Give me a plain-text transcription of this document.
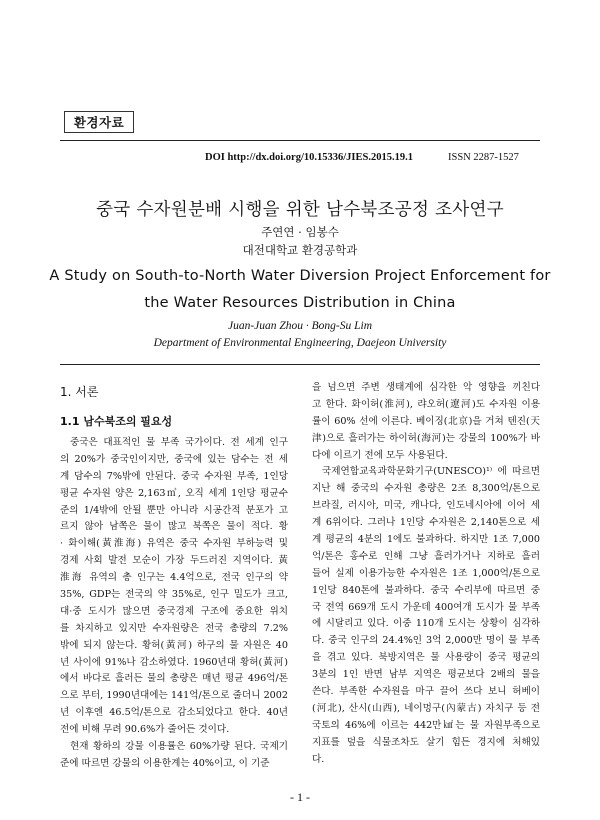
환경자료
DOI http://dx.doi.org/10.15336/JIES.2015.19.1	ISSN 2287-1527
중국 수자원분배 시행을 위한 남수북조공정 조사연구
주연연 · 임봉수
대전대학교 환경공학과
A Study on South-to-North Water Diversion Project Enforcement for
the Water Resources Distribution in China
Juan-Juan Zhou · Bong-Su Lim
Department of Environmental Engineering, Daejeon University
1. 서론
1.1 남수북조의 필요성
중국은 대표적인 물 부족 국가이다. 전 세계 인구
의 20%가 중국인이지만, 중국에 있는 담수는 전 세
계 담수의 7%밖에 안된다. 중국 수자원 부족, 1인당
평균 수자원 양은 2,163㎥, 오직 세계 1인당 평균수
준의 1/4밖에 안될 뿐만 아니라 시공간적 분포가 고
르지 않아 남쪽은 물이 많고 북쪽은 물이 적다. 황
· 화이해(黃淮海) 유역은 중국 수자원 부하능력 및
경제 사회 발전 모순이 가장 두드러진 지역이다. 黃
淮海 유역의 총 인구는 4.4억으로, 전국 인구의 약
35%, GDP는 전국의 약 35%로, 인구 밀도가 크고,
대·중 도시가 많으면 중국경제 구조에 중요한 위치
를 차지하고 있지만 수자원량은 전국 총량의 7.2%
밖에 되지 않는다. 황허(黃河) 하구의 물 자원은 40
년 사이에 91%나 감소하였다. 1960년대 황허(黃河)
에서 바다로 흘러든 물의 총량은 매년 평균 496억/톤
으로 부터, 1990년대에는 141억/톤으로 줄더니 2002
년 이후엔 46.5억/톤으로 감소되었다고 한다. 40년
전에 비해 무려 90.6%가 줄어든 것이다.
현재 황하의 강물 이용률은 60%가량 된다. 국제기
준에 따르면 강물의 이용한계는 40%이고, 이 기준
을 넘으면 주변 생태계에 심각한 악 영향을 끼친다
고 한다. 화이허(淮河), 랴오허(遼河)도 수자원 이용
률이 60% 선에 이른다. 베이징(北京)을 거쳐 텐진(天
津)으로 흘러가는 하이허(海河)는 강물의 100%가 바
다에 이르기 전에 모두 사용된다.
국제연합교육과학문화기구(UNESCO)¹⁾ 에 따르면
지난 해 중국의 수자원 총량은 2조 8,300억/톤으로
브라질, 러시아, 미국, 캐나다, 인도네시아에 이어 세
계 6위이다. 그러나 1인당 수자원은 2,140톤으로 세
계 평균의 4분의 1에도 불과하다. 하지만 1조 7,000
억/톤은 홍수로 인해 그냥 흘러가거나 지하로 흘러
들어 실제 이용가능한 수자원은 1조 1,000억/톤으로
1인당 840톤에 불과하다. 중국 수리부에 따르면 중
국 전역 669개 도시 가운데 400여개 도시가 물 부족
에 시달리고 있다. 이중 110개 도시는 상황이 심각하
다. 중국 인구의 24.4%인 3억 2,000만 명이 물 부족
을 겪고 있다. 북방지역은 물 사용량이 중국 평균의
3분의 1인 반면 남부 지역은 평균보다 2배의 물을
쓴다. 부족한 수자원을 마구 끌어 쓰다 보니 허베이
(河北), 산시(山西), 네이멍구(內蒙古) 자치구 등 전
국토의 46%에 이르는 442만㎢는 물 자원부족으로
지표를 덮을 식물조차도 살기 힘든 경지에 처해있
다.
- 1 -
